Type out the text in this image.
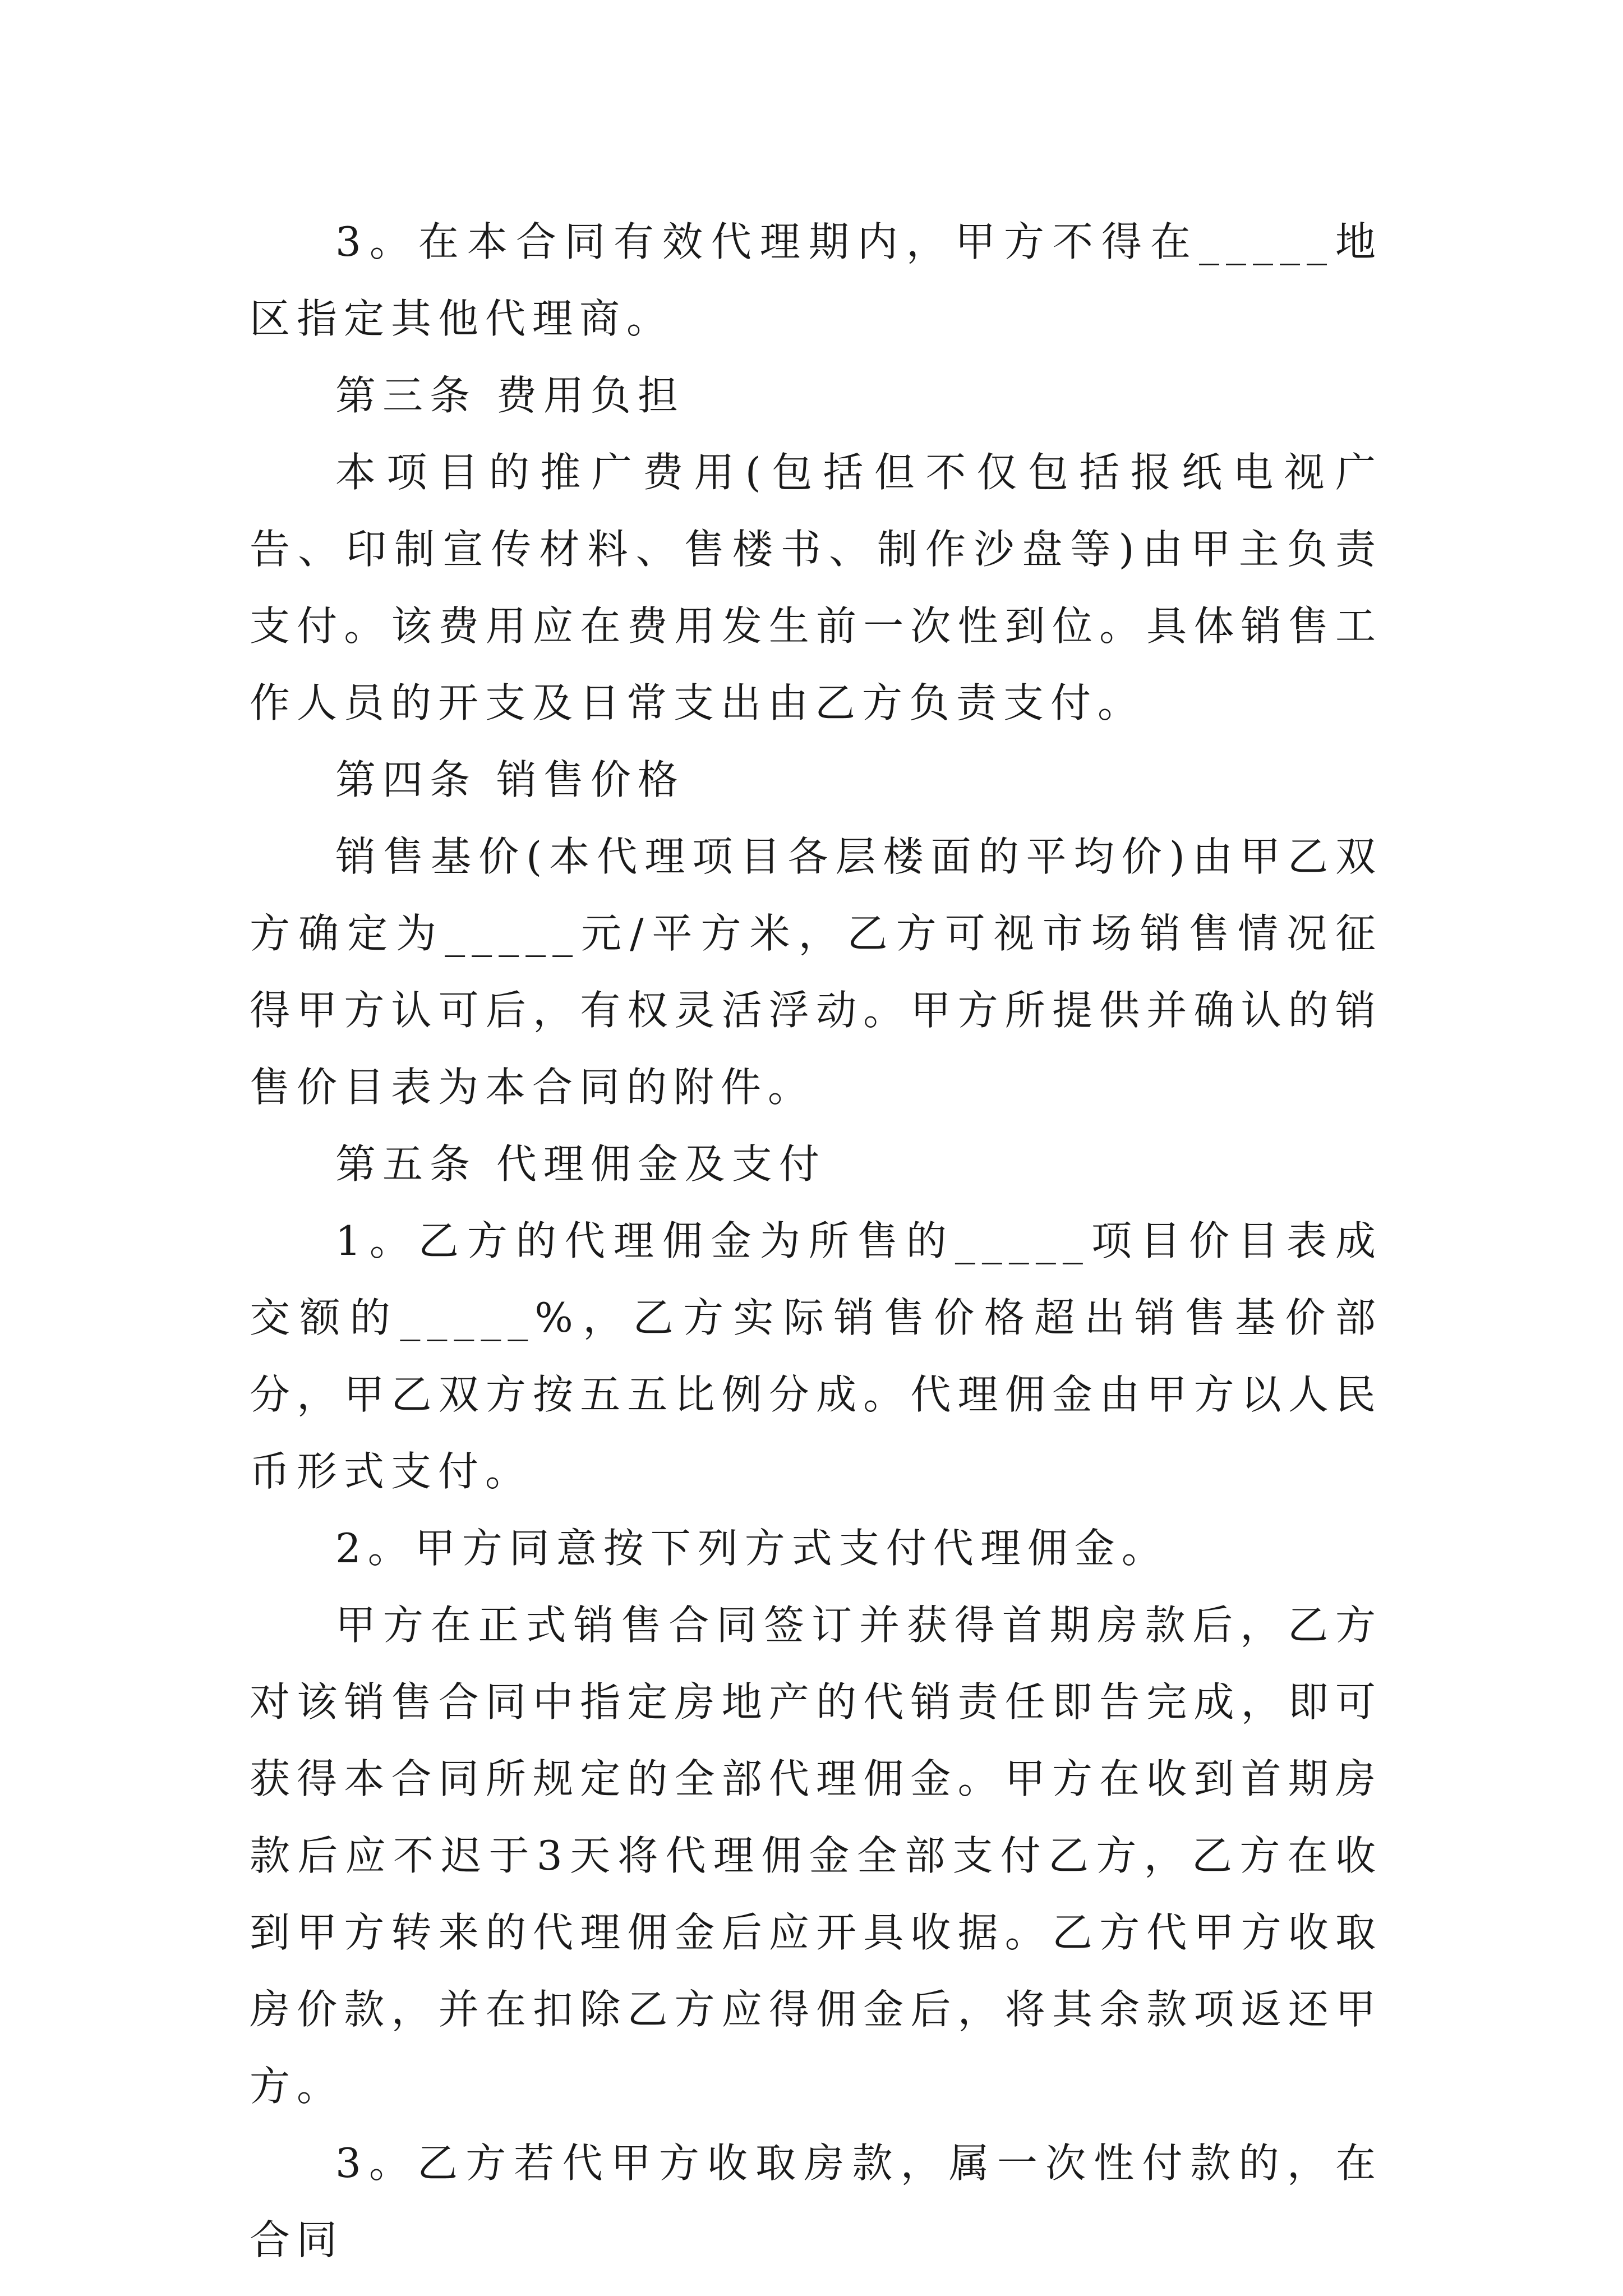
3。在本合同有效代理期内，甲方不得在_____地区指定其他代理商。

第三条 费用负担

本项目的推广费用(包括但不仅包括报纸电视广告、印制宣传材料、售楼书、制作沙盘等)由甲主负责支付。该费用应在费用发生前一次性到位。具体销售工作人员的开支及日常支出由乙方负责支付。

第四条 销售价格

销售基价(本代理项目各层楼面的平均价)由甲乙双方确定为_____元/平方米，乙方可视市场销售情况征得甲方认可后，有权灵活浮动。甲方所提供并确认的销售价目表为本合同的附件。

第五条 代理佣金及支付

1。乙方的代理佣金为所售的_____项目价目表成交额的_____%，乙方实际销售价格超出销售基价部分，甲乙双方按五五比例分成。代理佣金由甲方以人民币形式支付。

2。甲方同意按下列方式支付代理佣金。

甲方在正式销售合同签订并获得首期房款后，乙方对该销售合同中指定房地产的代销责任即告完成，即可获得本合同所规定的全部代理佣金。甲方在收到首期房款后应不迟于3天将代理佣金全部支付乙方，乙方在收到甲方转来的代理佣金后应开具收据。乙方代甲方收取房价款，并在扣除乙方应得佣金后，将其余款项返还甲方。

3。乙方若代甲方收取房款，属一次性付款的，在合同
